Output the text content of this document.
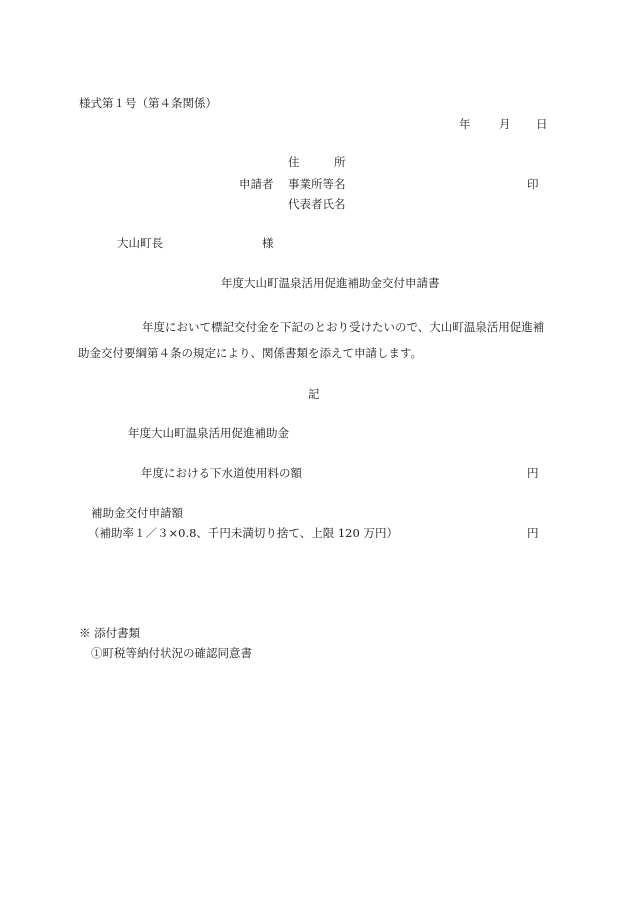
様式第１号（第４条関係）
年 月 日
住　　　所
申請者 事業所等名	印
代表者氏名
大山町長	様
年度大山町温泉活用促進補助金交付申請書
年度において標記交付金を下記のとおり受けたいので、大山町温泉活用促進補助金交付要綱第４条の規定により、関係書類を添えて申請します。
記
年度大山町温泉活用促進補助金
年度における下水道使用料の額	円
補助金交付申請額
（補助率１／３×0.8、千円未満切り捨て、上限 120 万円）	円
※ 添付書類
①町税等納付状況の確認同意書
